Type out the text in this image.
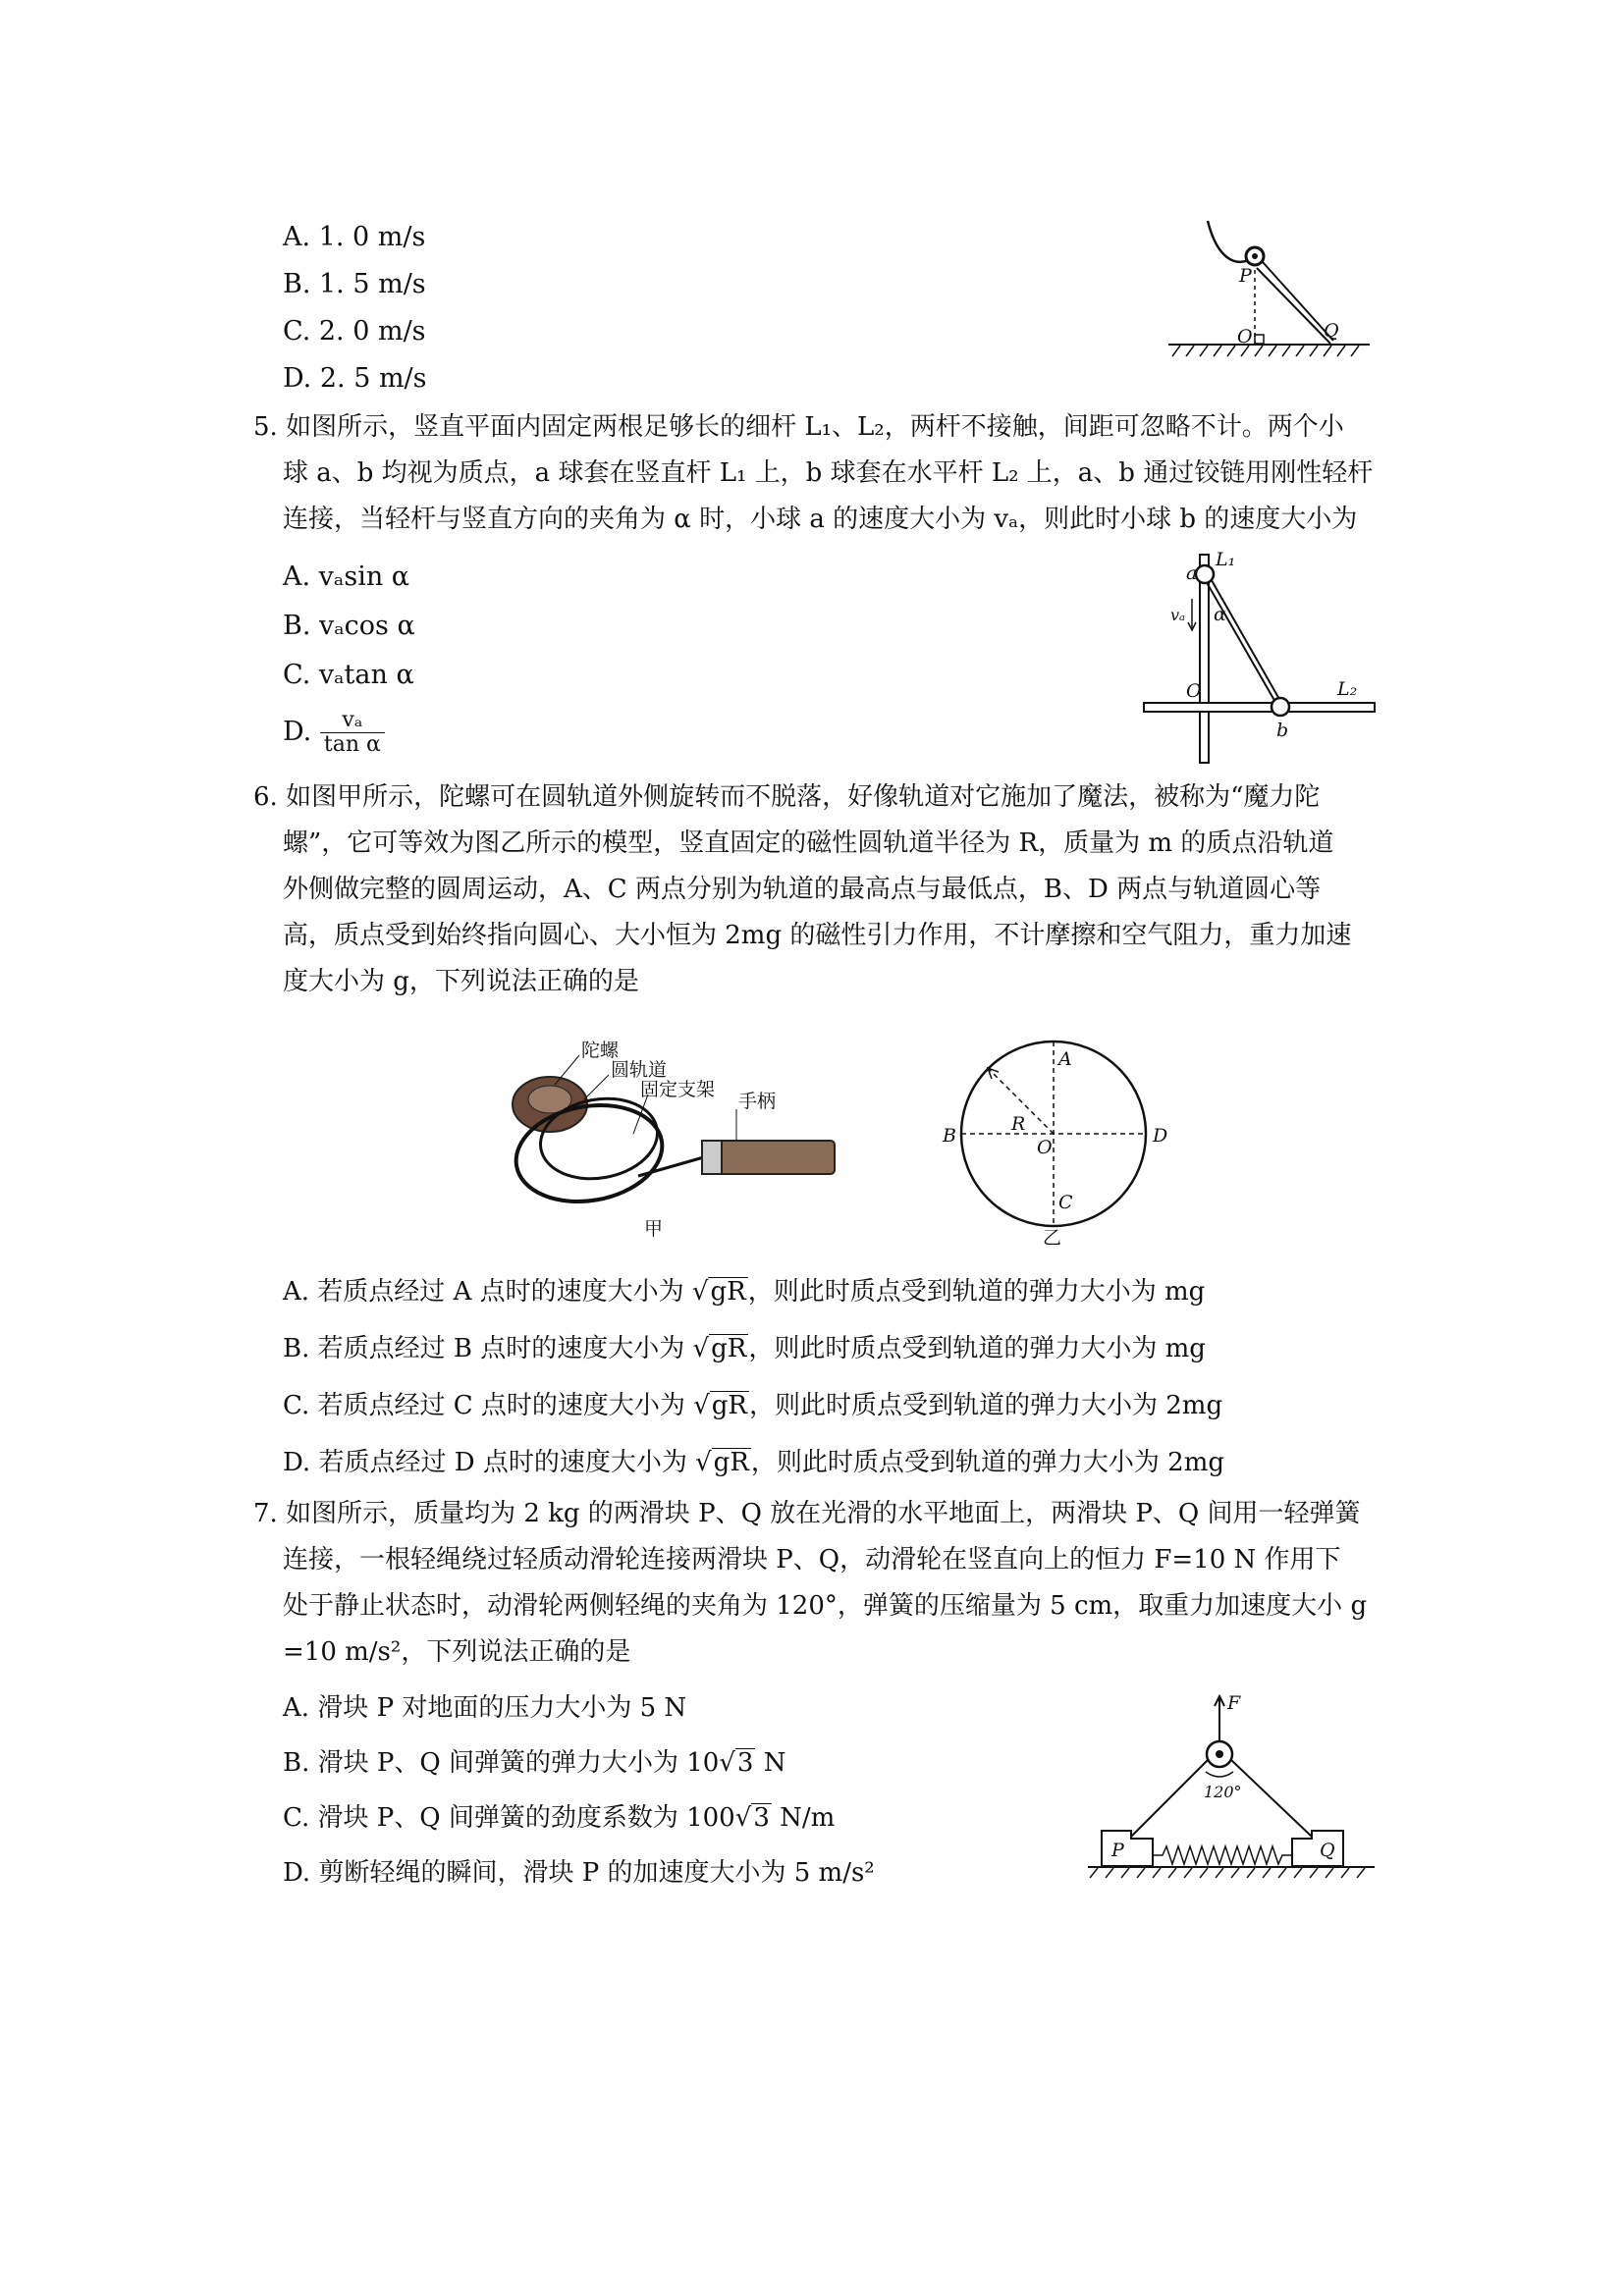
A. 1. 0 m/s
B. 1. 5 m/s
C. 2. 0 m/s
D. 2. 5 m/s
P
O	Q
5. 如图所示，竖直平面内固定两根足够长的细杆 L₁、L₂，两杆不接触，间距可忽略不计。两个小
球 a、b 均视为质点，a 球套在竖直杆 L₁ 上，b 球套在水平杆 L₂ 上，a、b 通过铰链用刚性轻杆
连接，当轻杆与竖直方向的夹角为 α 时，小球 a 的速度大小为 vₐ，则此时小球 b 的速度大小为
A. vₐsin α
B. vₐcos α
C. vₐtan α
D. $\frac{\text{vₐ}}{\text{tan α}}$
L₁
a
vₐ α
O	L₂
b
6. 如图甲所示，陀螺可在圆轨道外侧旋转而不脱落，好像轨道对它施加了魔法，被称为“魔力陀
螺”，它可等效为图乙所示的模型，竖直固定的磁性圆轨道半径为 R，质量为 m 的质点沿轨道
外侧做完整的圆周运动，A、C 两点分别为轨道的最高点与最低点，B、D 两点与轨道圆心等
高，质点受到始终指向圆心、大小恒为 2mg 的磁性引力作用，不计摩擦和空气阻力，重力加速
度大小为 g，下列说法正确的是
陀螺
圆轨道
固定支架
手柄
甲
A
B
R
O
D
C
乙
A. 若质点经过 A 点时的速度大小为 √gR，则此时质点受到轨道的弹力大小为 mg
B. 若质点经过 B 点时的速度大小为 √gR，则此时质点受到轨道的弹力大小为 mg
C. 若质点经过 C 点时的速度大小为 √gR，则此时质点受到轨道的弹力大小为 2mg
D. 若质点经过 D 点时的速度大小为 √gR，则此时质点受到轨道的弹力大小为 2mg
7. 如图所示，质量均为 2 kg 的两滑块 P、Q 放在光滑的水平地面上，两滑块 P、Q 间用一轻弹簧
连接，一根轻绳绕过轻质动滑轮连接两滑块 P、Q，动滑轮在竖直向上的恒力 F=10 N 作用下
处于静止状态时，动滑轮两侧轻绳的夹角为 120°，弹簧的压缩量为 5 cm，取重力加速度大小 g
=10 m/s²，下列说法正确的是
A. 滑块 P 对地面的压力大小为 5 N
B. 滑块 P、Q 间弹簧的弹力大小为 10√3 N
C. 滑块 P、Q 间弹簧的劲度系数为 100√3 N/m
D. 剪断轻绳的瞬间，滑块 P 的加速度大小为 5 m/s²
F
120°
P	Q
